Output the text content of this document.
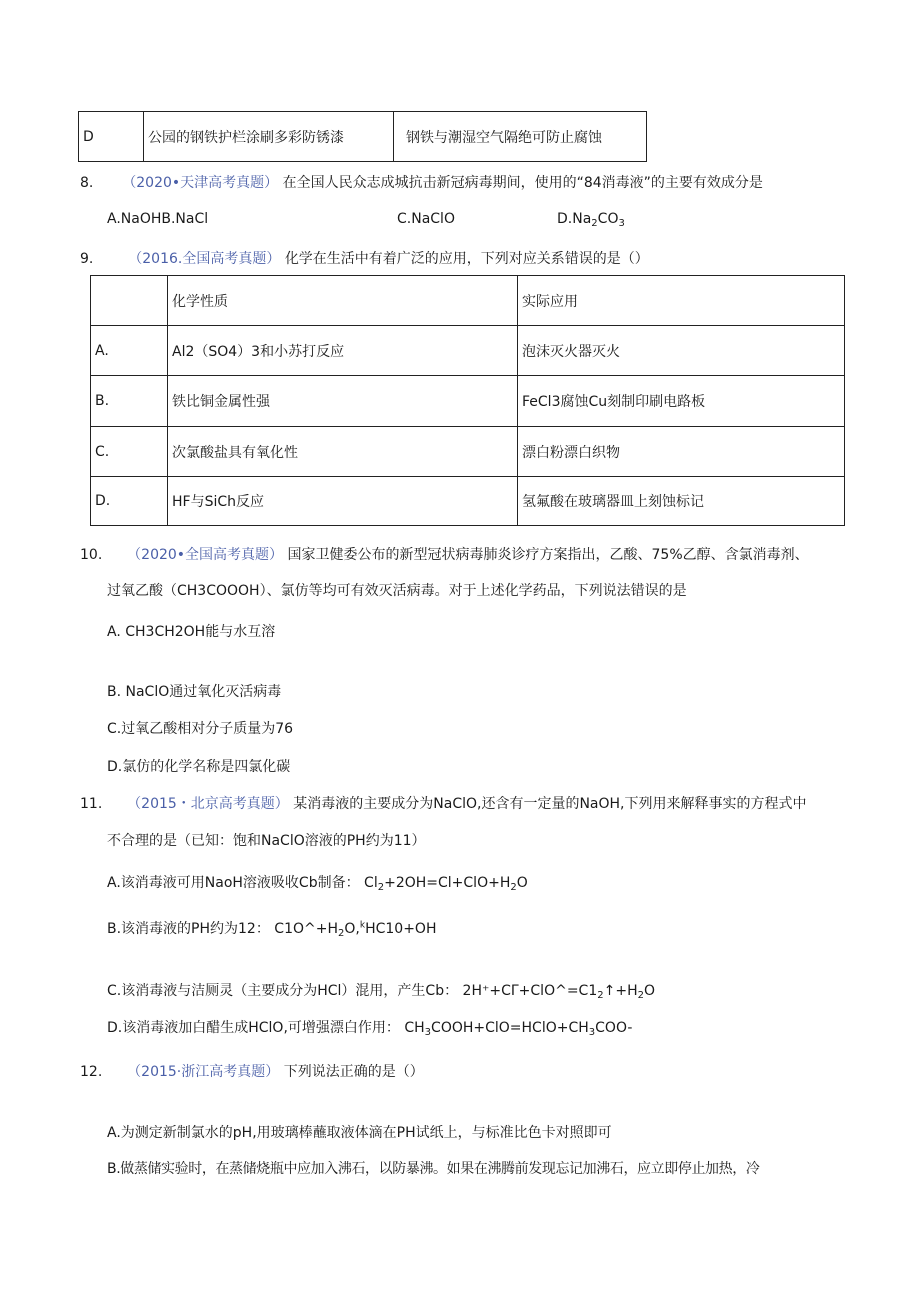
D	公园的钢铁护栏涂刷多彩防锈漆	钢铁与潮湿空气隔绝可防止腐蚀
8. （2020•天津高考真题） 在全国人民众志成城抗击新冠病毒期间，使用的“84消毒液”的主要有效成分是
A.NaOHB.NaCl	C.NaClO	$D.Na_2CO_3$
9. （2016.全国高考真题） 化学在生活中有着广泛的应用，下列对应关系错误的是（）
	化学性质	实际应用
A.	Al2（SO4）3和小苏打反应	泡沫灭火器灭火
B.	铁比铜金属性强	FeCl3腐蚀Cu刻制印刷电路板
C.	次氯酸盐具有氧化性	漂白粉漂白织物
D.	HF与SiCh反应	氢氟酸在玻璃器皿上刻蚀标记
10. （2020•全国高考真题） 国家卫健委公布的新型冠状病毒肺炎诊疗方案指出，乙酸、75%乙醇、含氯消毒剂、
过氧乙酸（CH3COOOH）、氯仿等均可有效灭活病毒。对于上述化学药品，下列说法错误的是
A. CH3CH2OH能与水互溶
B. NaClO通过氧化灭活病毒
C.过氧乙酸相对分子质量为76
D.氯仿的化学名称是四氯化碳
11. （2015・北京高考真题） 某消毒液的主要成分为NaClO,还含有一定量的NaOH,下列用来解释事实的方程式中
不合理的是（已知：饱和NaClO溶液的PH约为11）
A.该消毒液可用NaoH溶液吸收Cb制备： $Cl_2+2OH=Cl+ClO+H_2O$
B.该消毒液的PH约为12： $C1O\^{}+H_2O,^kHC10+OH$
C.该消毒液与洁厕灵（主要成分为HCl）混用，产生Cb： $2H^++C\Gamma+ClO\^{}=C1_2↑+H_2O$
D.该消毒液加白醋生成HClO,可增强漂白作用： $CH_3COOH+ClO=HClO+CH_3COO-$
12. （2015·浙江高考真题） 下列说法正确的是（）
A.为测定新制氯水的pH,用玻璃棒蘸取液体滴在PH试纸上，与标准比色卡对照即可
B.做蒸储实验时，在蒸储烧瓶中应加入沸石，以防暴沸。如果在沸腾前发现忘记加沸石，应立即停止加热，冷
